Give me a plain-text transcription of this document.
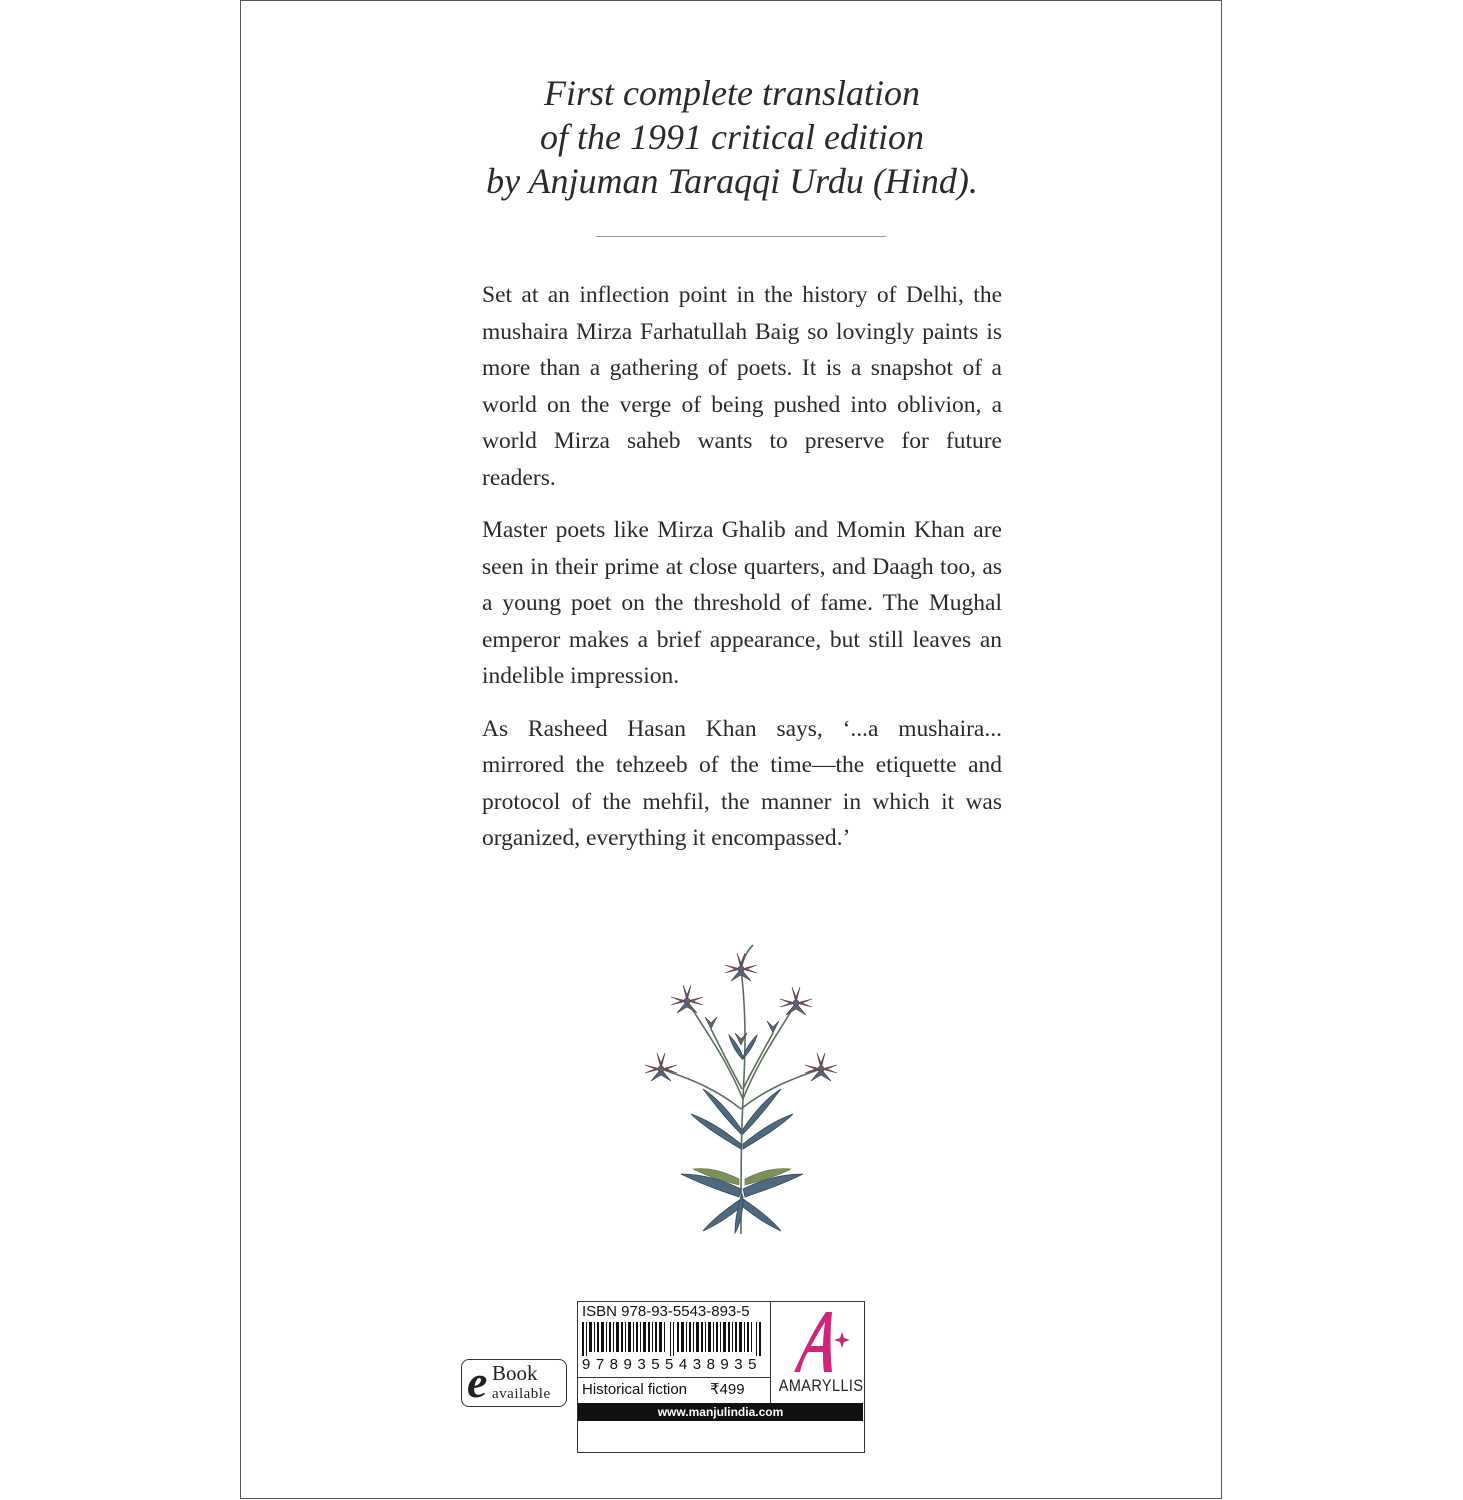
First complete translation
of the 1991 critical edition
by Anjuman Taraqqi Urdu (Hind).

Set at an inflection point in the history of Delhi, the mushaira Mirza Farhatullah Baig so lovingly paints is more than a gathering of poets. It is a snapshot of a world on the verge of being pushed into oblivion, a world Mirza saheb wants to preserve for future readers.

Master poets like Mirza Ghalib and Momin Khan are seen in their prime at close quarters, and Daagh too, as a young poet on the threshold of fame. The Mughal emperor makes a brief appearance, but still leaves an indelible impression.

As Rasheed Hasan Khan says, ‘...a mushaira... mirrored the tehzeeb of the time—the etiquette and protocol of the mehfil, the manner in which it was organized, everything it encompassed.’

e Book
available
ISBN 978-93-5543-893-5
9789355438935
Historical fiction ₹499 AMARYLLIS
www.manjulindia.com
